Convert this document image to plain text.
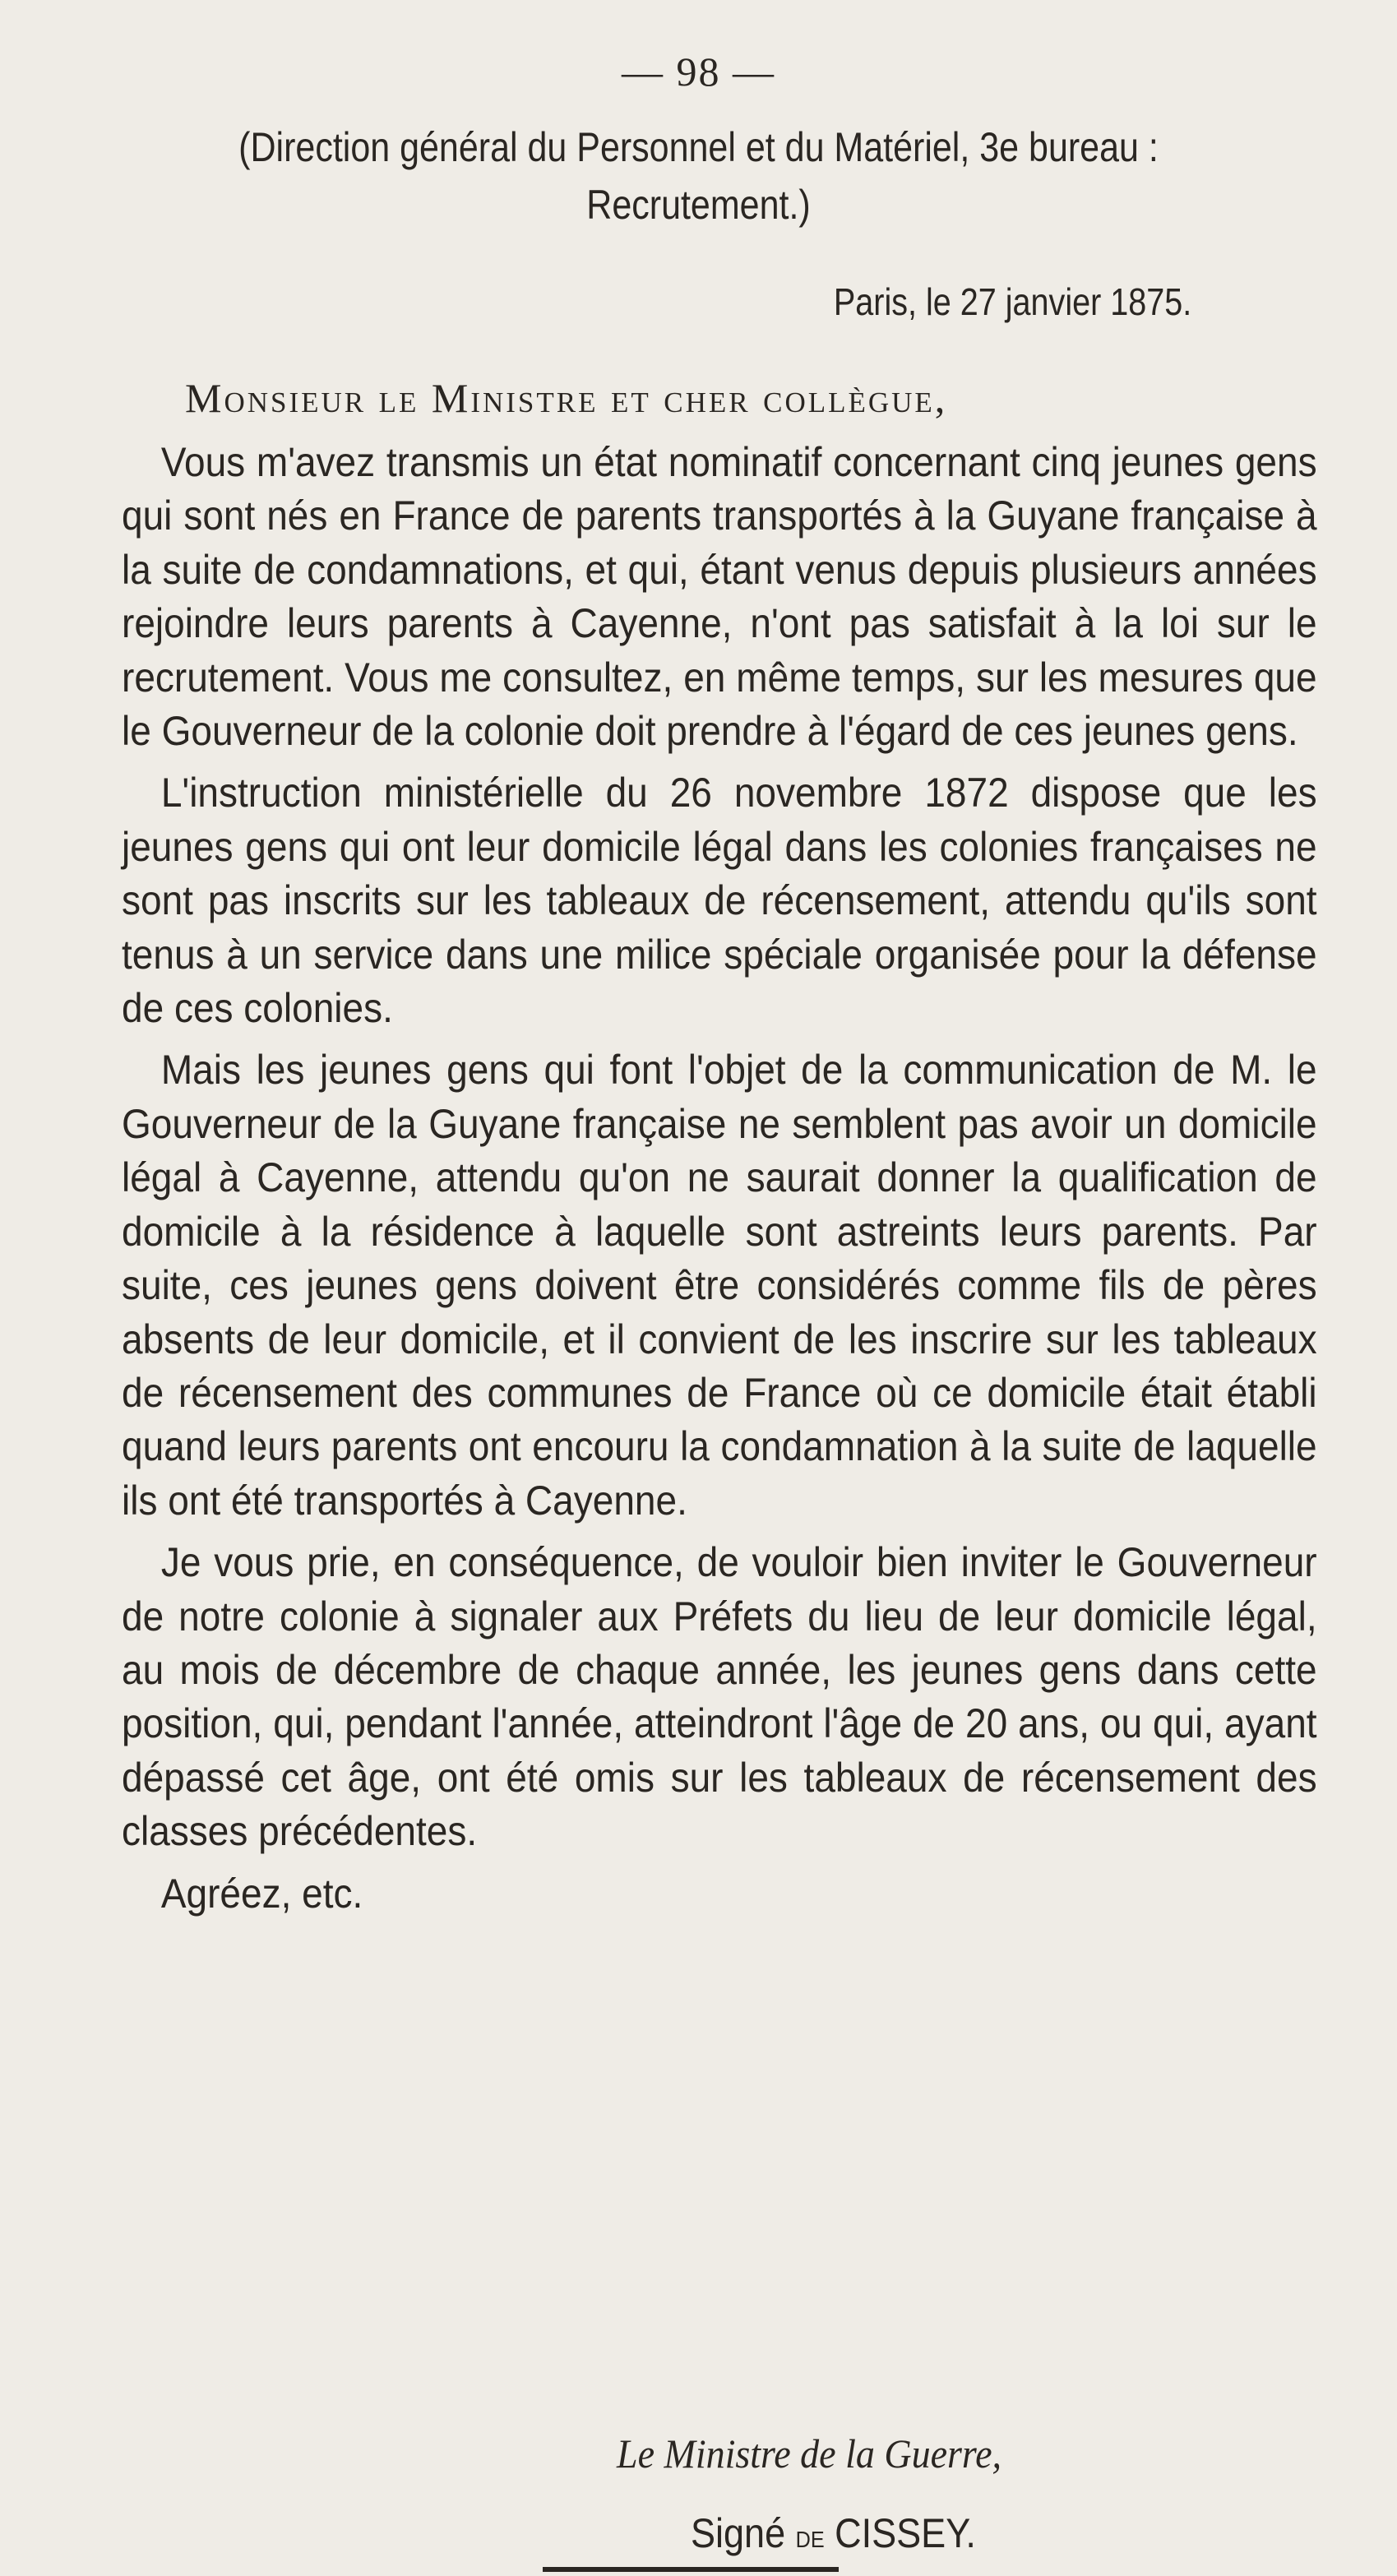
— 98 —
(Direction général du Personnel et du Matériel, 3e bureau :
Recrutement.)
Paris, le 27 janvier 1875.
Monsieur le Ministre et cher collègue,

Vous m'avez transmis un état nominatif concernant cinq jeunes gens qui sont nés en France de parents transportés à la Guyane française à la suite de condamnations, et qui, étant venus depuis plusieurs années rejoindre leurs parents à Cayenne, n'ont pas satisfait à la loi sur le recrutement. Vous me consultez, en même temps, sur les mesures que le Gouverneur de la colonie doit prendre à l'égard de ces jeunes gens.

L'instruction ministérielle du 26 novembre 1872 dispose que les jeunes gens qui ont leur domicile légal dans les colonies françaises ne sont pas inscrits sur les tableaux de récensement, attendu qu'ils sont tenus à un service dans une milice spéciale organisée pour la défense de ces colonies.

Mais les jeunes gens qui font l'objet de la communication de M. le Gouverneur de la Guyane française ne semblent pas avoir un domicile légal à Cayenne, attendu qu'on ne saurait donner la qualification de domicile à la résidence à laquelle sont astreints leurs parents. Par suite, ces jeunes gens doivent être considérés comme fils de pères absents de leur domicile, et il convient de les inscrire sur les tableaux de récensement des communes de France où ce domicile était établi quand leurs parents ont encouru la condamnation à la suite de laquelle ils ont été transportés à Cayenne.

Je vous prie, en conséquence, de vouloir bien inviter le Gouverneur de notre colonie à signaler aux Préfets du lieu de leur domicile légal, au mois de décembre de chaque année, les jeunes gens dans cette position, qui, pendant l'année, atteindront l'âge de 20 ans, ou qui, ayant dépassé cet âge, ont été omis sur les tableaux de récensement des classes précédentes.

Agréez, etc.

Le Ministre de la Guerre,
Signé de CISSEY.
